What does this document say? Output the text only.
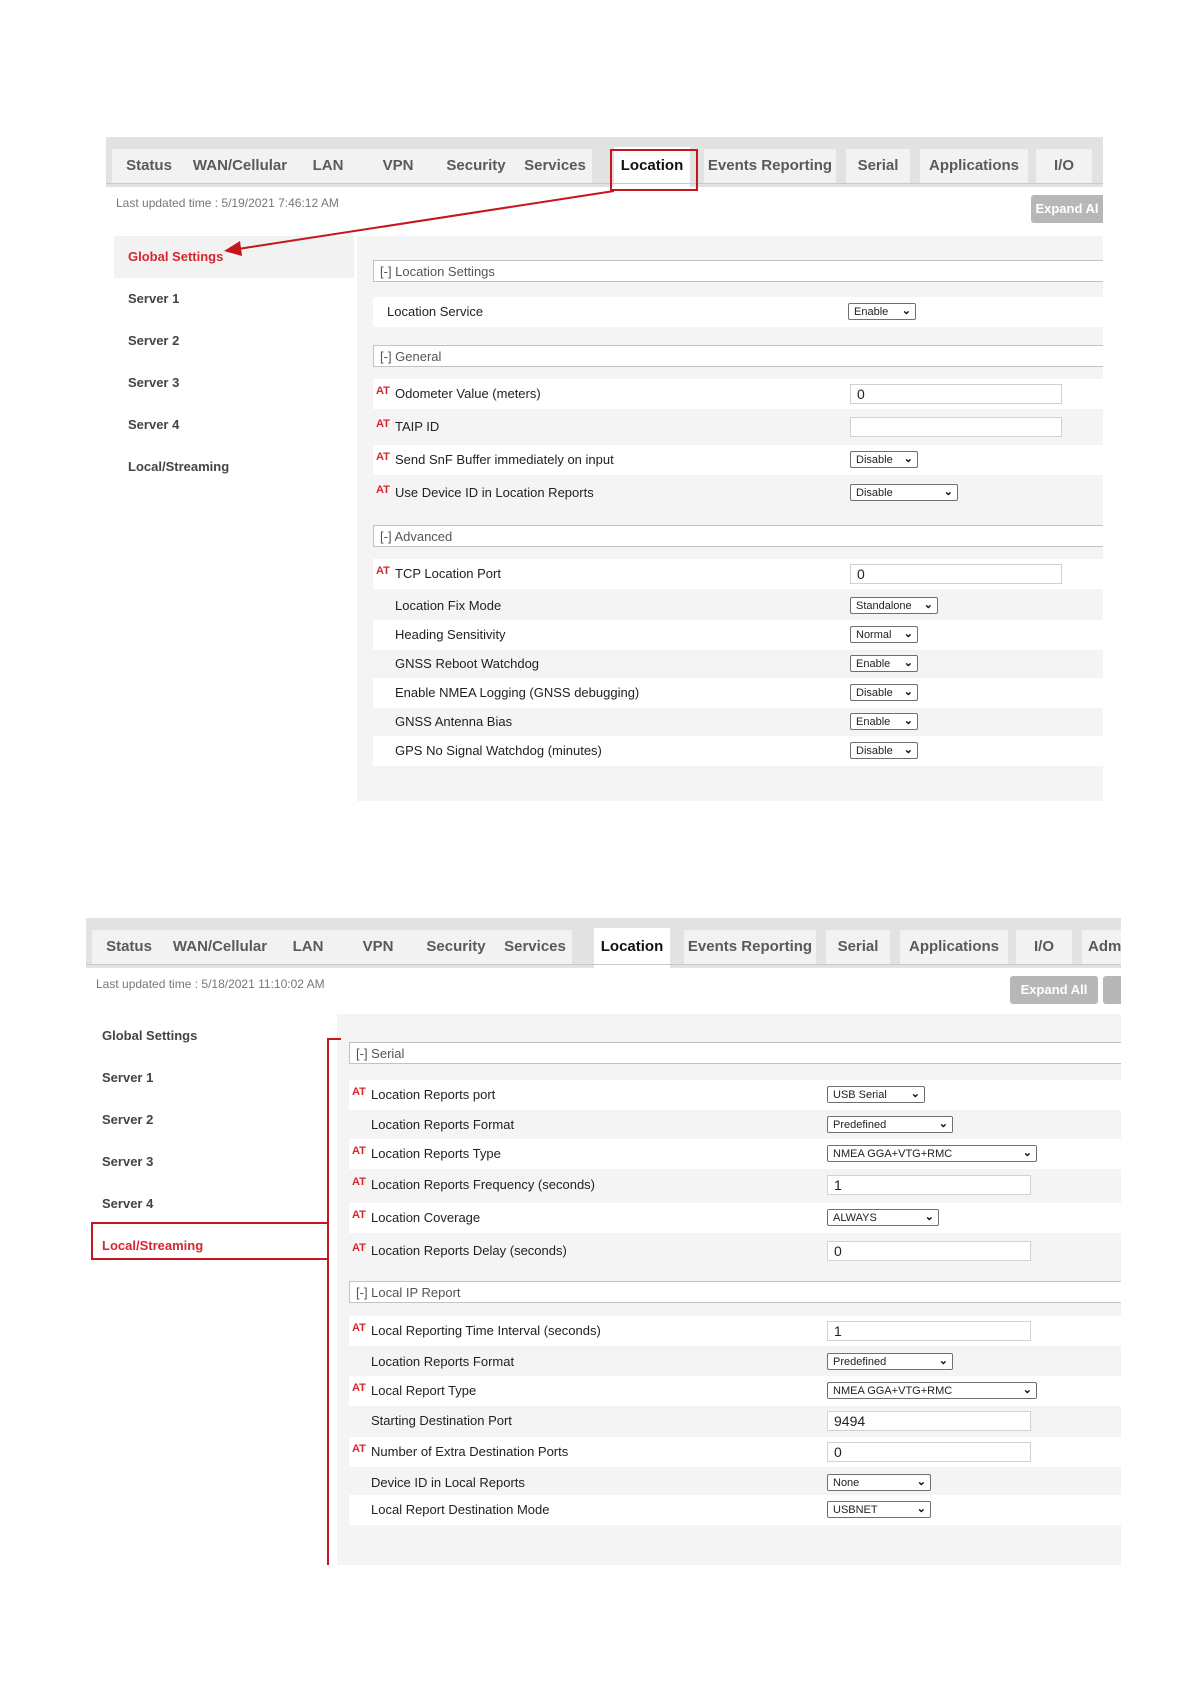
Status	WAN/Cellular	LAN	VPN	Security	Services	Location	Events Reporting	Serial	Applications	I/O
Last updated time : 5/19/2021 7:46:12 AM	Expand Al
Global Settings
Server 1
Server 2
Server 3
Server 4
Local/Streaming
[-] Location Settings
Location Service	Enable ⌄
[-] General
AT Odometer Value (meters)	0
AT TAIP ID
AT Send SnF Buffer immediately on input	Disable ⌄
AT Use Device ID in Location Reports	Disable	⌄
[-] Advanced
AT TCP Location Port	0
Location Fix Mode	Standalone ⌄
Heading Sensitivity	Normal ⌄
GNSS Reboot Watchdog	Enable ⌄
Enable NMEA Logging (GNSS debugging)	Disable ⌄
GNSS Antenna Bias	Enable ⌄
GPS No Signal Watchdog (minutes)	Disable ⌄
Status	WAN/Cellular	LAN	VPN	Security	Services	Location	Events Reporting	Serial	Applications	I/O	Adm
Last updated time : 5/18/2021 11:10:02 AM	Expand All
Global Settings
Server 1
Server 2
Server 3
Server 4
Local/Streaming
[-] Serial
AT Location Reports port	USB Serial ⌄
Location Reports Format	Predefined	⌄
AT Location Reports Type	NMEA GGA+VTG+RMC	⌄
AT Location Reports Frequency (seconds)	1
AT Location Coverage	ALWAYS	⌄
AT Location Reports Delay (seconds)	0
[-] Local IP Report
AT Local Reporting Time Interval (seconds)	1
Location Reports Format	Predefined	⌄
AT Local Report Type	NMEA GGA+VTG+RMC	⌄
Starting Destination Port	9494
AT Number of Extra Destination Ports	0
Device ID in Local Reports	None	⌄
Local Report Destination Mode	USBNET	⌄
